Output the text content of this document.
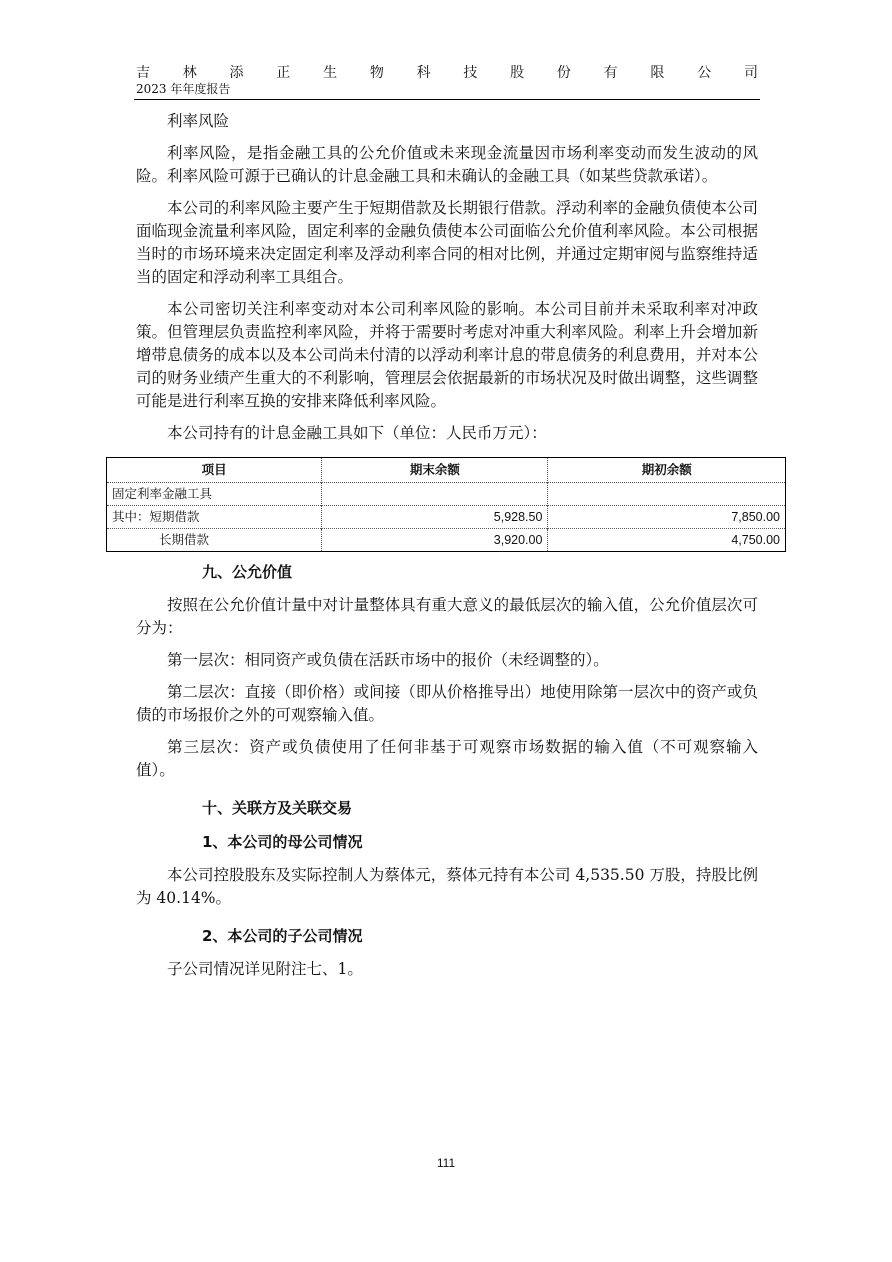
吉 林 添 正 生 物 科 技 股 份 有 限 公 司
2023 年年度报告

利率风险

利率风险，是指金融工具的公允价值或未来现金流量因市场利率变动而发生波动的风险。利率风险可源于已确认的计息金融工具和未确认的金融工具（如某些贷款承诺）。

本公司的利率风险主要产生于短期借款及长期银行借款。浮动利率的金融负债使本公司面临现金流量利率风险，固定利率的金融负债使本公司面临公允价值利率风险。本公司根据当时的市场环境来决定固定利率及浮动利率合同的相对比例，并通过定期审阅与监察维持适当的固定和浮动利率工具组合。

本公司密切关注利率变动对本公司利率风险的影响。本公司目前并未采取利率对冲政策。但管理层负责监控利率风险，并将于需要时考虑对冲重大利率风险。利率上升会增加新增带息债务的成本以及本公司尚未付清的以浮动利率计息的带息债务的利息费用，并对本公司的财务业绩产生重大的不利影响，管理层会依据最新的市场状况及时做出调整，这些调整可能是进行利率互换的安排来降低利率风险。

本公司持有的计息金融工具如下（单位：人民币万元）：

项目	期末余额	期初余额
固定利率金融工具		
其中：短期借款	5,928.50	7,850.00
长期借款	3,920.00	4,750.00
九、公允价值

按照在公允价值计量中对计量整体具有重大意义的最低层次的输入值，公允价值层次可分为：

第一层次：相同资产或负债在活跃市场中的报价（未经调整的）。

第二层次：直接（即价格）或间接（即从价格推导出）地使用除第一层次中的资产或负债的市场报价之外的可观察输入值。

第三层次：资产或负债使用了任何非基于可观察市场数据的输入值（不可观察输入值）。

十、关联方及关联交易
1、本公司的母公司情况

本公司控股股东及实际控制人为蔡体元，蔡体元持有本公司 4,535.50 万股，持股比例为 40.14%。

2、本公司的子公司情况

子公司情况详见附注七、1。

111
